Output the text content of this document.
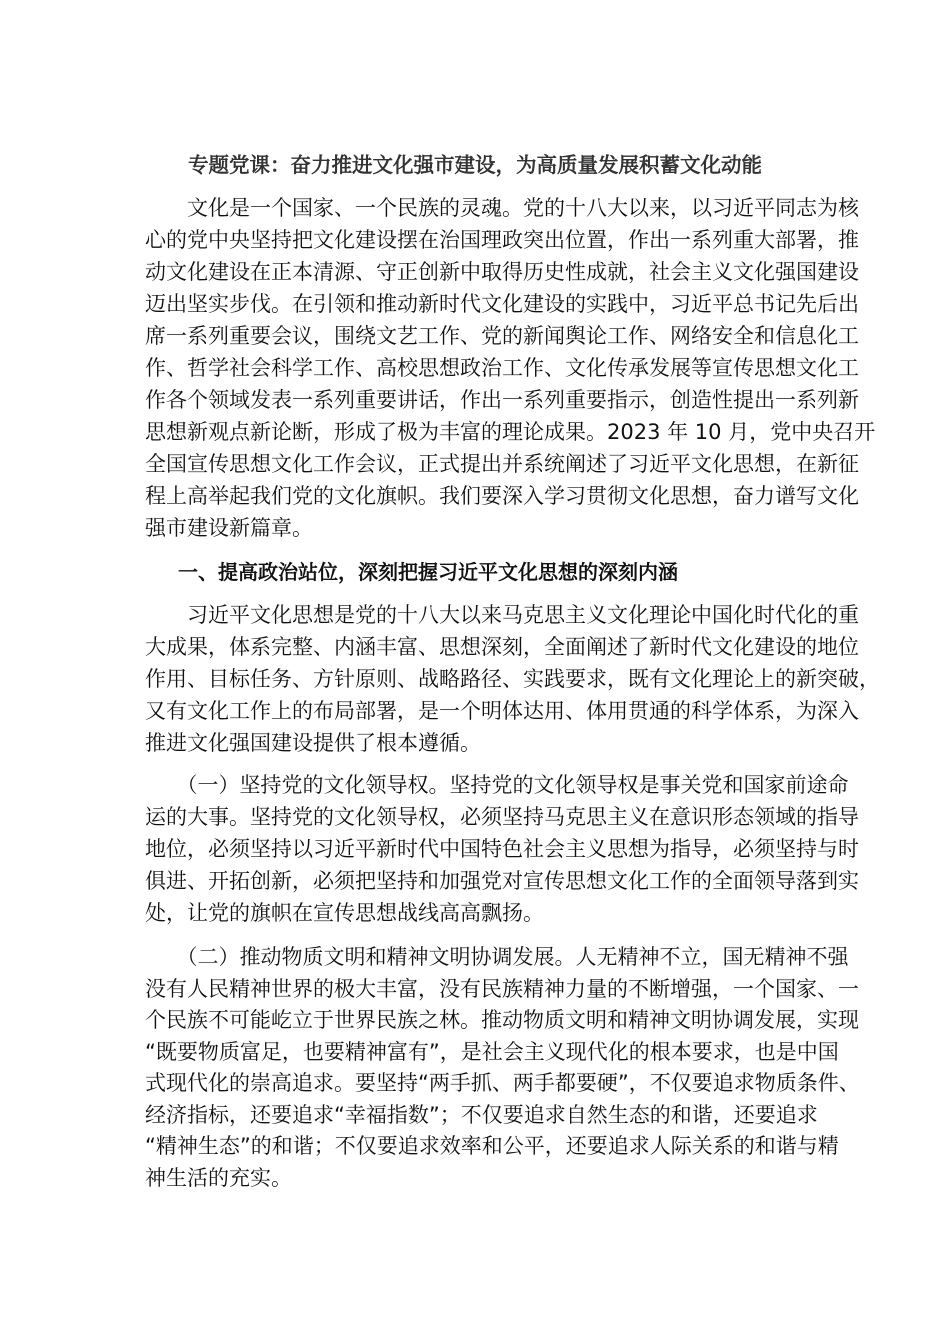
专题党课：奋力推进文化强市建设，为高质量发展积蓄文化动能
　　文化是一个国家、一个民族的灵魂。党的十八大以来，以习近平同志为核
心的党中央坚持把文化建设摆在治国理政突出位置，作出一系列重大部署，推
动文化建设在正本清源、守正创新中取得历史性成就，社会主义文化强国建设
迈出坚实步伐。在引领和推动新时代文化建设的实践中，习近平总书记先后出
席一系列重要会议，围绕文艺工作、党的新闻舆论工作、网络安全和信息化工
作、哲学社会科学工作、高校思想政治工作、文化传承发展等宣传思想文化工
作各个领域发表一系列重要讲话，作出一系列重要指示，创造性提出一系列新
思想新观点新论断，形成了极为丰富的理论成果。2023 年 10 月，党中央召开
全国宣传思想文化工作会议，正式提出并系统阐述了习近平文化思想，在新征
程上高举起我们党的文化旗帜。我们要深入学习贯彻文化思想，奋力谱写文化
强市建设新篇章。
一、提高政治站位，深刻把握习近平文化思想的深刻内涵
　　习近平文化思想是党的十八大以来马克思主义文化理论中国化时代化的重
大成果，体系完整、内涵丰富、思想深刻，全面阐述了新时代文化建设的地位
作用、目标任务、方针原则、战略路径、实践要求，既有文化理论上的新突破，
又有文化工作上的布局部署，是一个明体达用、体用贯通的科学体系，为深入
推进文化强国建设提供了根本遵循。
　　（一）坚持党的文化领导权。坚持党的文化领导权是事关党和国家前途命
运的大事。坚持党的文化领导权，必须坚持马克思主义在意识形态领域的指导
地位，必须坚持以习近平新时代中国特色社会主义思想为指导，必须坚持与时
俱进、开拓创新，必须把坚持和加强党对宣传思想文化工作的全面领导落到实
处，让党的旗帜在宣传思想战线高高飘扬。
　　（二）推动物质文明和精神文明协调发展。人无精神不立，国无精神不强
没有人民精神世界的极大丰富，没有民族精神力量的不断增强，一个国家、一
个民族不可能屹立于世界民族之林。推动物质文明和精神文明协调发展，实现
“既要物质富足，也要精神富有”，是社会主义现代化的根本要求，也是中国
式现代化的崇高追求。要坚持“两手抓、两手都要硬”，不仅要追求物质条件、
经济指标，还要追求“幸福指数”；不仅要追求自然生态的和谐，还要追求
“精神生态”的和谐；不仅要追求效率和公平，还要追求人际关系的和谐与精
神生活的充实。
